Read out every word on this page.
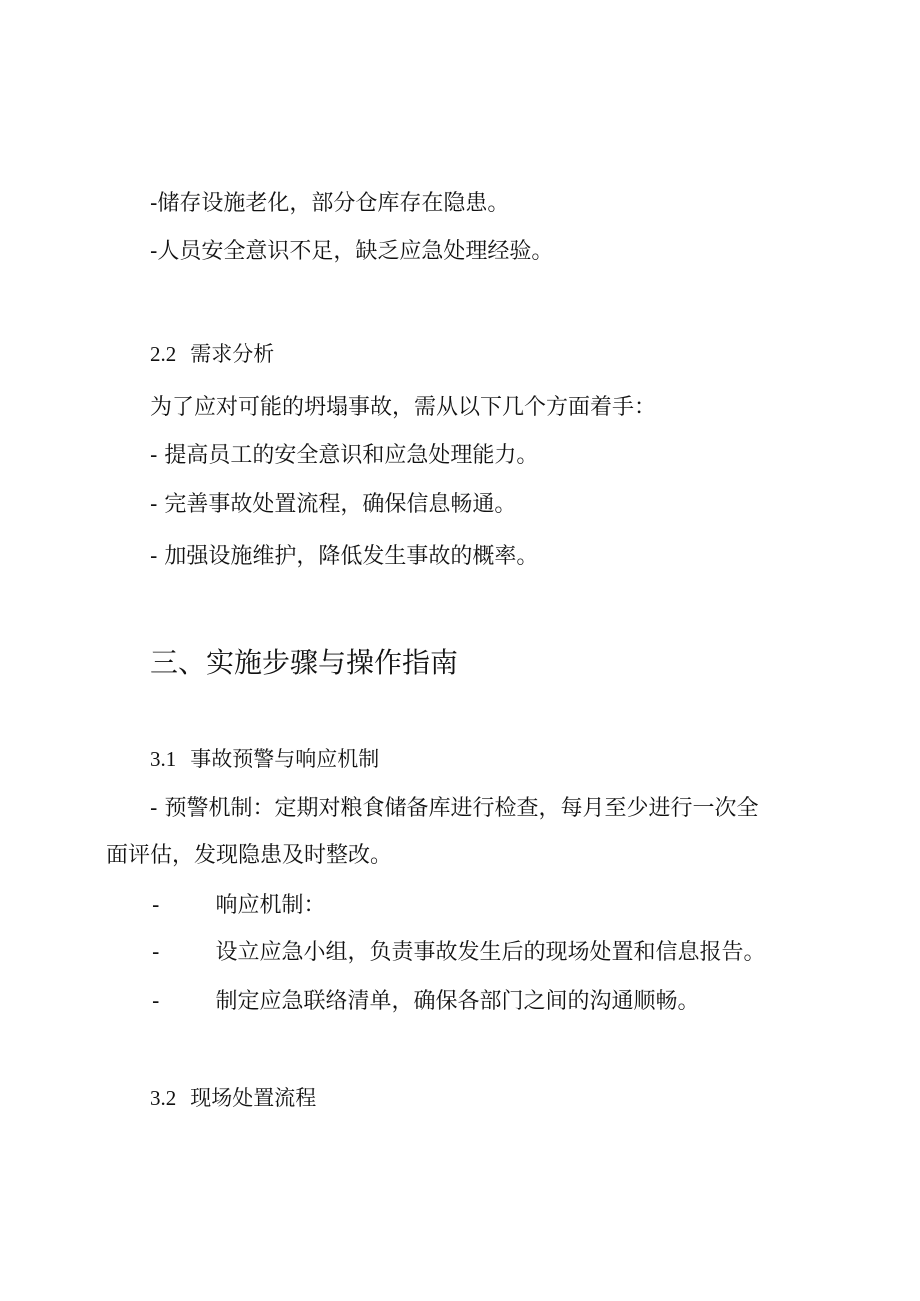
-储存设施老化，部分仓库存在隐患。

-人员安全意识不足，缺乏应急处理经验。

2.2 需求分析

为了应对可能的坍塌事故，需从以下几个方面着手：

- 提高员工的安全意识和应急处理能力。

- 完善事故处置流程，确保信息畅通。

- 加强设施维护，降低发生事故的概率。

三、实施步骤与操作指南

3.1 事故预警与响应机制

- 预警机制：定期对粮食储备库进行检查，每月至少进行一次全

面评估，发现隐患及时整改。

-	响应机制：

-	设立应急小组，负责事故发生后的现场处置和信息报告。

-	制定应急联络清单，确保各部门之间的沟通顺畅。

3.2 现场处置流程
